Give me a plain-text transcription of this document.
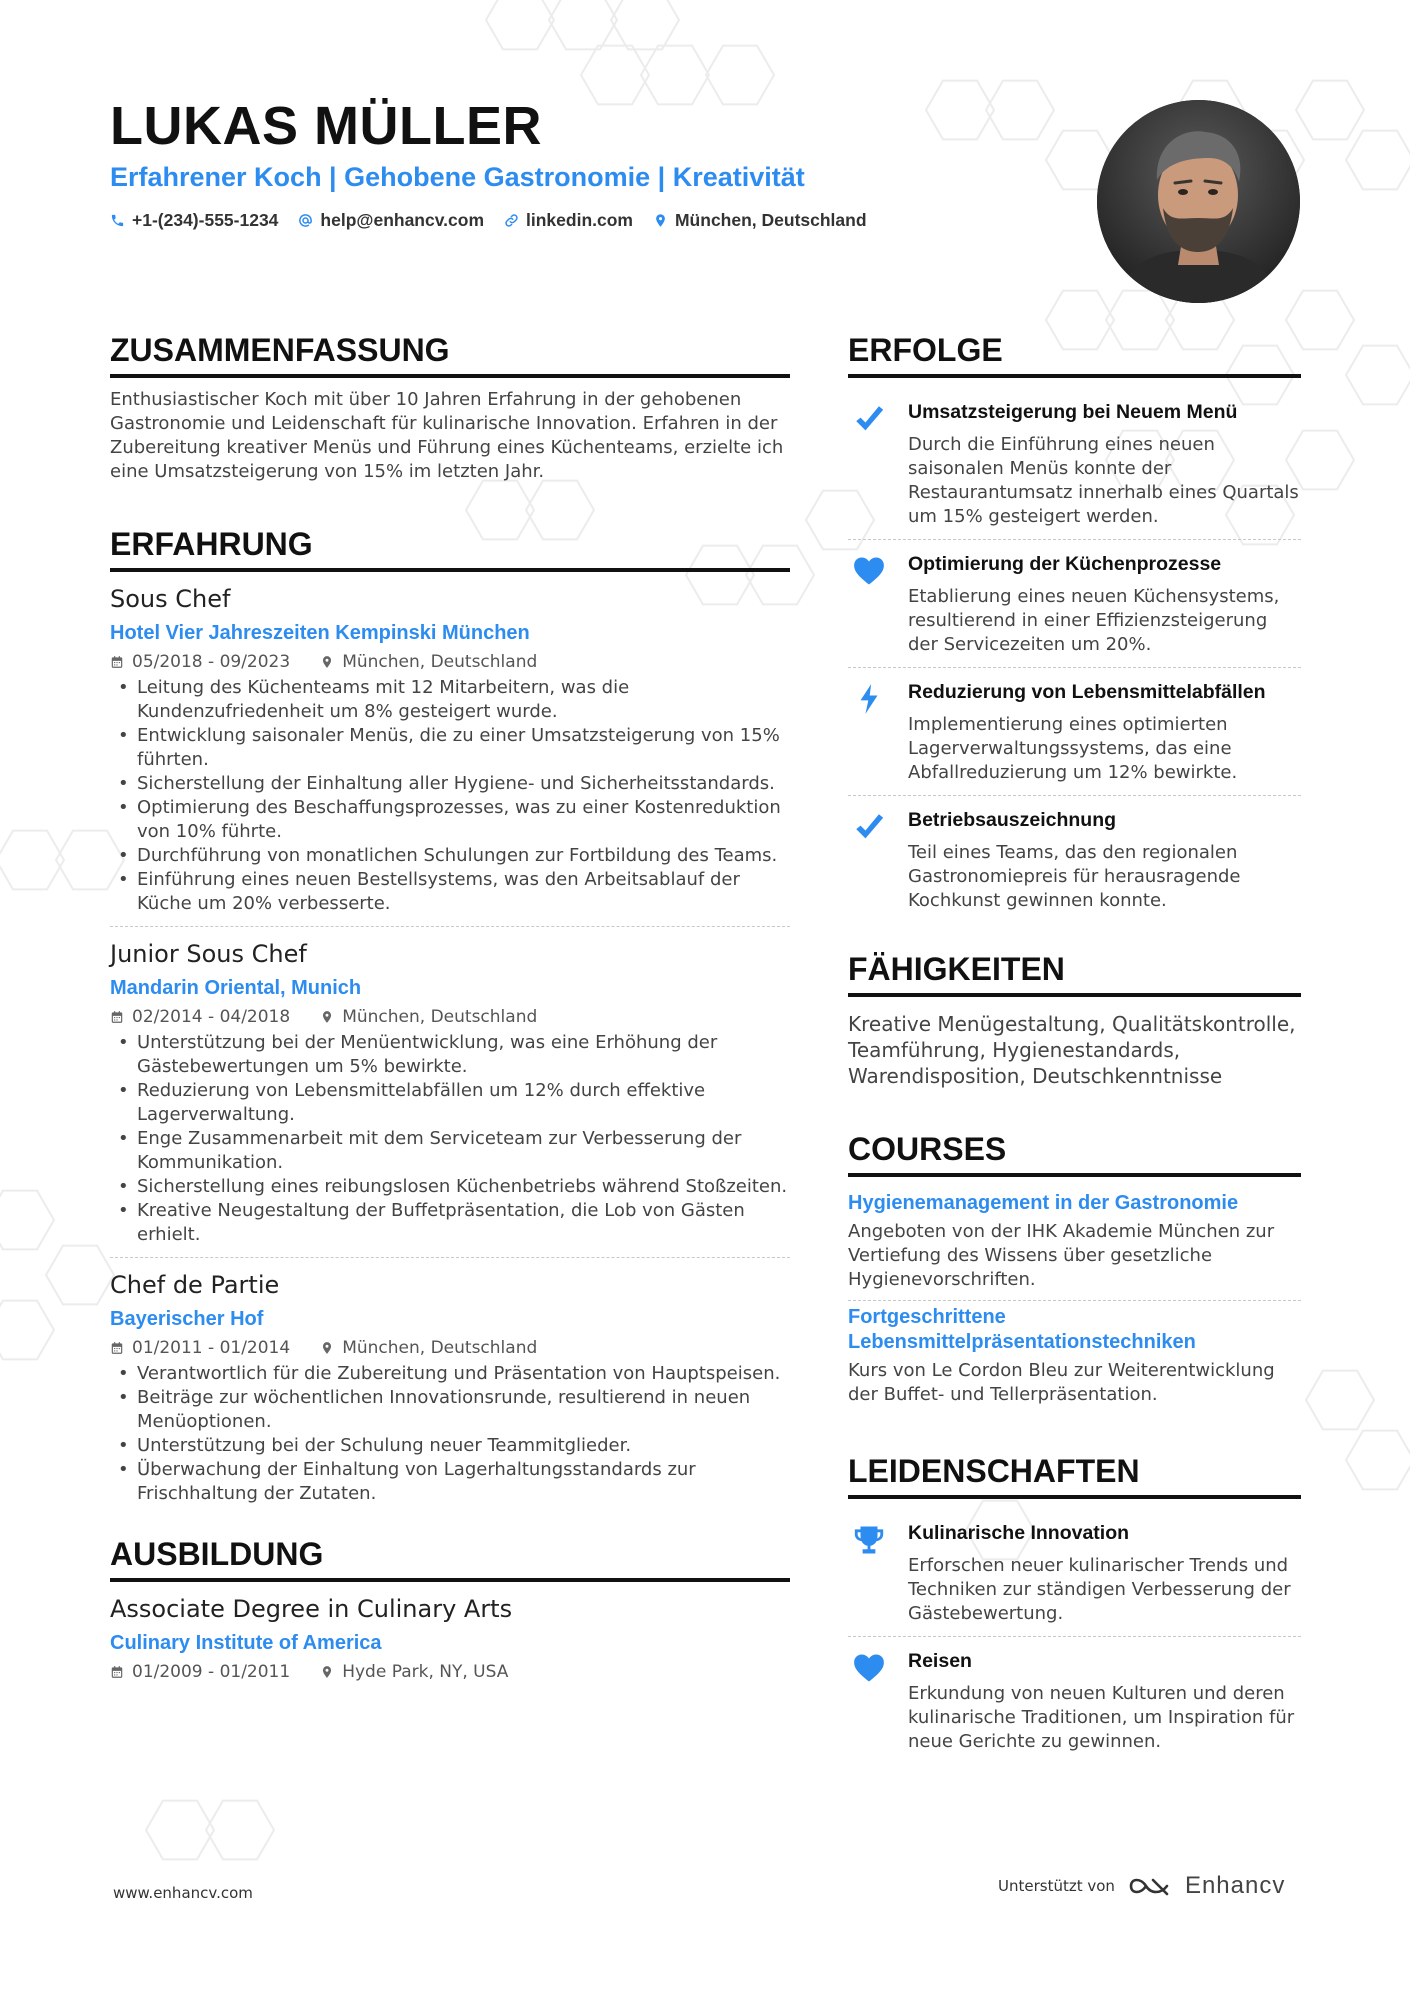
LUKAS MÜLLER
Erfahrener Koch | Gehobene Gastronomie | Kreativität
+1-(234)-555-1234 help@enhancv.com linkedin.com München, Deutschland
ZUSAMMENFASSUNG

Enthusiastischer Koch mit über 10 Jahren Erfahrung in der gehobenen Gastronomie und Leidenschaft für kulinarische Innovation. Erfahren in der Zubereitung kreativer Menüs und Führung eines Küchenteams, erzielte ich eine Umsatzsteigerung von 15% im letzten Jahr.

ERFAHRUNG
Sous Chef
Hotel Vier Jahreszeiten Kempinski München
05/2018 - 09/2023	München, Deutschland
• Leitung des Küchenteams mit 12 Mitarbeitern, was die Kundenzufriedenheit um 8% gesteigert wurde.
• Entwicklung saisonaler Menüs, die zu einer Umsatzsteigerung von 15% führten.
• Sicherstellung der Einhaltung aller Hygiene- und Sicherheitsstandards.
• Optimierung des Beschaffungsprozesses, was zu einer Kostenreduktion von 10% führte.
• Durchführung von monatlichen Schulungen zur Fortbildung des Teams.
• Einführung eines neuen Bestellsystems, was den Arbeitsablauf der Küche um 20% verbesserte.
Junior Sous Chef
Mandarin Oriental, Munich
02/2014 - 04/2018	München, Deutschland
• Unterstützung bei der Menüentwicklung, was eine Erhöhung der Gästebewertungen um 5% bewirkte.
• Reduzierung von Lebensmittelabfällen um 12% durch effektive Lagerverwaltung.
• Enge Zusammenarbeit mit dem Serviceteam zur Verbesserung der Kommunikation.
• Sicherstellung eines reibungslosen Küchenbetriebs während Stoßzeiten.
• Kreative Neugestaltung der Buffetpräsentation, die Lob von Gästen erhielt.
Chef de Partie
Bayerischer Hof
01/2011 - 01/2014	München, Deutschland
• Verantwortlich für die Zubereitung und Präsentation von Hauptspeisen.
• Beiträge zur wöchentlichen Innovationsrunde, resultierend in neuen Menüoptionen.
• Unterstützung bei der Schulung neuer Teammitglieder.
• Überwachung der Einhaltung von Lagerhaltungsstandards zur Frischhaltung der Zutaten.
AUSBILDUNG
Associate Degree in Culinary Arts
Culinary Institute of America
01/2009 - 01/2011	Hyde Park, NY, USA
ERFOLGE
Umsatzsteigerung bei Neuem Menü
Durch die Einführung eines neuen saisonalen Menüs konnte der Restaurantumsatz innerhalb eines Quartals um 15% gesteigert werden.
Optimierung der Küchenprozesse
Etablierung eines neuen Küchensystems, resultierend in einer Effizienzsteigerung der Servicezeiten um 20%.
Reduzierung von Lebensmittelabfällen
Implementierung eines optimierten Lagerverwaltungssystems, das eine Abfallreduzierung um 12% bewirkte.
Betriebsauszeichnung
Teil eines Teams, das den regionalen Gastronomiepreis für herausragende Kochkunst gewinnen konnte.
FÄHIGKEITEN

Kreative Menügestaltung, Qualitätskontrolle, Teamführung, Hygienestandards, Warendisposition, Deutschkenntnisse

COURSES
Hygienemanagement in der Gastronomie
Angeboten von der IHK Akademie München zur Vertiefung des Wissens über gesetzliche Hygienevorschriften.
Fortgeschrittene Lebensmittelpräsentationstechniken
Kurs von Le Cordon Bleu zur Weiterentwicklung der Buffet- und Tellerpräsentation.
LEIDENSCHAFTEN
Kulinarische Innovation
Erforschen neuer kulinarischer Trends und Techniken zur ständigen Verbesserung der Gästebewertung.
Reisen
Erkundung von neuen Kulturen und deren kulinarische Traditionen, um Inspiration für neue Gerichte zu gewinnen.
www.enhancv.com	Unterstützt von	Enhancv
